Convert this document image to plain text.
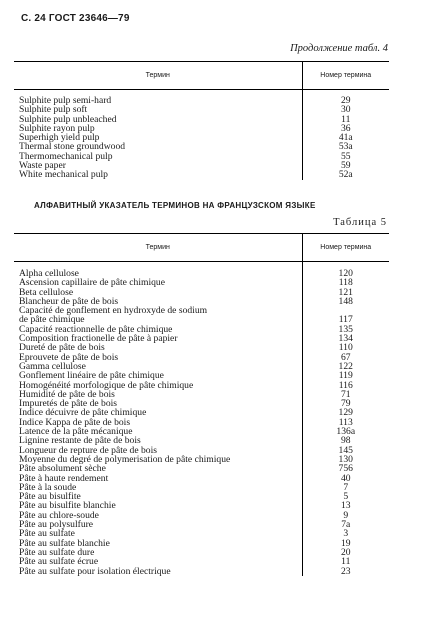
С. 24 ГОСТ 23646—79
Продолжение табл. 4
Термин	Номер термина

Sulphite pulp semi-hard	29
Sulphite pulp soft	30
Sulphite pulp unbleached	11
Sulphite rayon pulp	36
Superhigh yield pulp	41a
Thermal stone groundwood	53a
Thermomechanical pulp	55
Waste paper	59
White mechanical pulp	52a
АЛФАВИТНЫЙ УКАЗАТЕЛЬ ТЕРМИНОВ НА ФРАНЦУЗСКОМ ЯЗЫКЕ
Таблица 5
Термин	Номер термина

Alpha cellulose	120
Ascension capillaire de pâte chimique	118
Beta cellulose	121
Blancheur de pâte de bois	148
Capacité de gonflement en hydroxyde de sodium	
de pâte chimique	117
Capacité reactionnelle de pâte chimique	135
Composition fractionelle de pâte à papier	134
Dureté de pâte de bois	110
Eprouvete de pâte de bois	67
Gamma cellulose	122
Gonflement linéaire de pâte chimique	119
Homogénéité morfologique de pâte chimique	116
Humidité de pâte de bois	71
Impuretés de pâte de bois	79
Indice décuivre de pâte chimique	129
Indice Kappa de pâte de bois	113
Latence de la pâte mécanique	136a
Lignine restante de pâte de bois	98
Longueur de repture de pâte de bois	145
Moyenne du degré de polymerisation de pâte chimique	130
Pâte absolument sèche	756
Pâte à haute rendement	40
Pâte à la soude	7
Pâte au bisulfite	5
Pâte au bisulfite blanchie	13
Pâte au chlore-soude	9
Pâte au polysulfure	7a
Pâte au sulfate	3
Pâte au sulfate blanchie	19
Pâte au sulfate dure	20
Pâte au sulfate écrue	11
Pâte au sulfate pour isolation électrique	23
